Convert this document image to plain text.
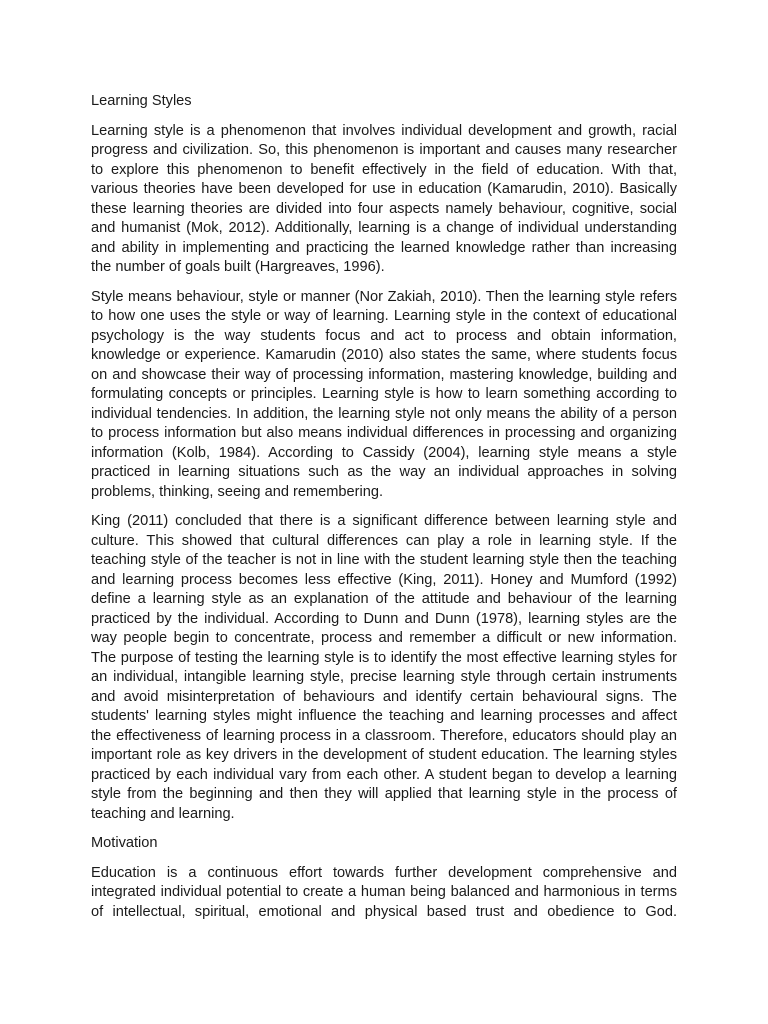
Learning Styles

Learning style is a phenomenon that involves individual development and growth, racial progress and civilization. So, this phenomenon is important and causes many researcher to explore this phenomenon to benefit effectively in the field of education. With that, various theories have been developed for use in education (Kamarudin, 2010). Basically these learning theories are divided into four aspects namely behaviour, cognitive, social and humanist (Mok, 2012). Additionally, learning is a change of individual understanding and ability in implementing and practicing the learned knowledge rather than increasing the number of goals built (Hargreaves, 1996).

Style means behaviour, style or manner (Nor Zakiah, 2010). Then the learning style refers to how one uses the style or way of learning. Learning style in the context of educational psychology is the way students focus and act to process and obtain information, knowledge or experience. Kamarudin (2010) also states the same, where students focus on and showcase their way of processing information, mastering knowledge, building and formulating concepts or principles. Learning style is how to learn something according to individual tendencies. In addition, the learning style not only means the ability of a person to process information but also means individual differences in processing and organizing information (Kolb, 1984). According to Cassidy (2004), learning style means a style practiced in learning situations such as the way an individual approaches in solving problems, thinking, seeing and remembering.

King (2011) concluded that there is a significant difference between learning style and culture. This showed that cultural differences can play a role in learning style. If the teaching style of the teacher is not in line with the student learning style then the teaching and learning process becomes less effective (King, 2011). Honey and Mumford (1992) define a learning style as an explanation of the attitude and behaviour of the learning practiced by the individual. According to Dunn and Dunn (1978), learning styles are the way people begin to concentrate, process and remember a difficult or new information. The purpose of testing the learning style is to identify the most effective learning styles for an individual, intangible learning style, precise learning style through certain instruments and avoid misinterpretation of behaviours and identify certain behavioural signs. The students' learning styles might influence the teaching and learning processes and affect the effectiveness of learning process in a classroom. Therefore, educators should play an important role as key drivers in the development of student education. The learning styles practiced by each individual vary from each other. A student began to develop a learning style from the beginning and then they will applied that learning style in the process of teaching and learning.

Motivation

Education is a continuous effort towards further development comprehensive and integrated individual potential to create a human being balanced and harmonious in terms of intellectual, spiritual, emotional and physical based trust and obedience to God.
